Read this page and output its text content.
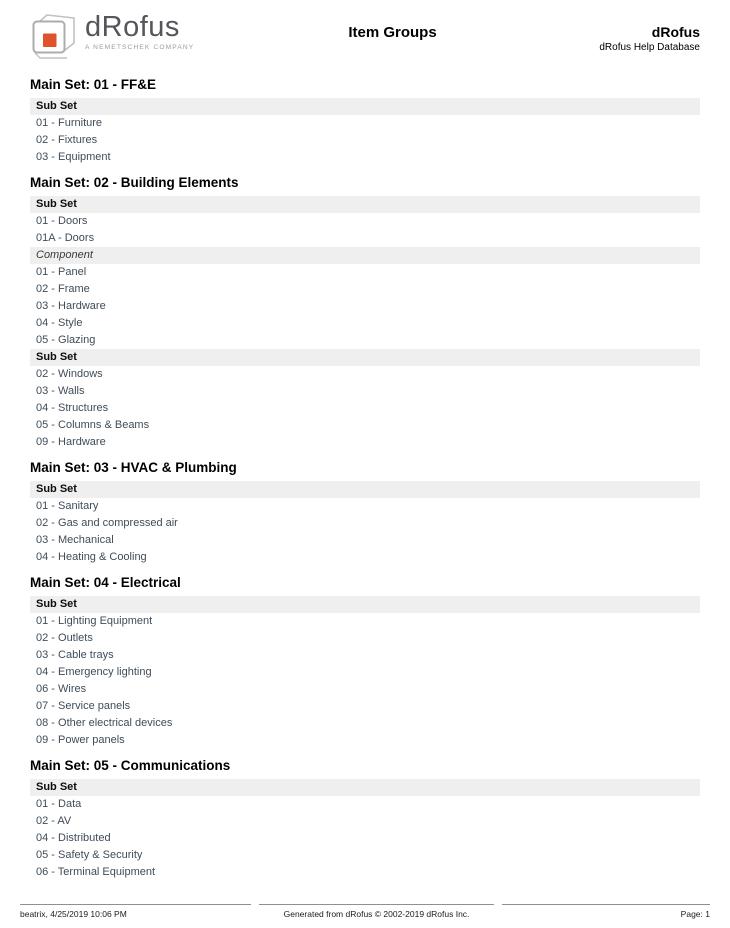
dRofus
A NEMETSCHEK COMPANY
Item Groups	dRofus
dRofus Help Database
Main Set: 01 - FF&E
Sub Set
01 - Furniture
02 - Fixtures
03 - Equipment
Main Set: 02 - Building Elements
Sub Set
01 - Doors
01A - Doors
Component
01 - Panel
02 - Frame
03 - Hardware
04 - Style
05 - Glazing
Sub Set
02 - Windows
03 - Walls
04 - Structures
05 - Columns & Beams
09 - Hardware
Main Set: 03 - HVAC & Plumbing
Sub Set
01 - Sanitary
02 - Gas and compressed air
03 - Mechanical
04 - Heating & Cooling
Main Set: 04 - Electrical
Sub Set
01 - Lighting Equipment
02 - Outlets
03 - Cable trays
04 - Emergency lighting
06 - Wires
07 - Service panels
08 - Other electrical devices
09 - Power panels
Main Set: 05 - Communications
Sub Set
01 - Data
02 - AV
04 - Distributed
05 - Safety & Security
06 - Terminal Equipment
beatrix, 4/25/2019 10:06 PM	Generated from dRofus © 2002-2019 dRofus Inc.	Page: 1
